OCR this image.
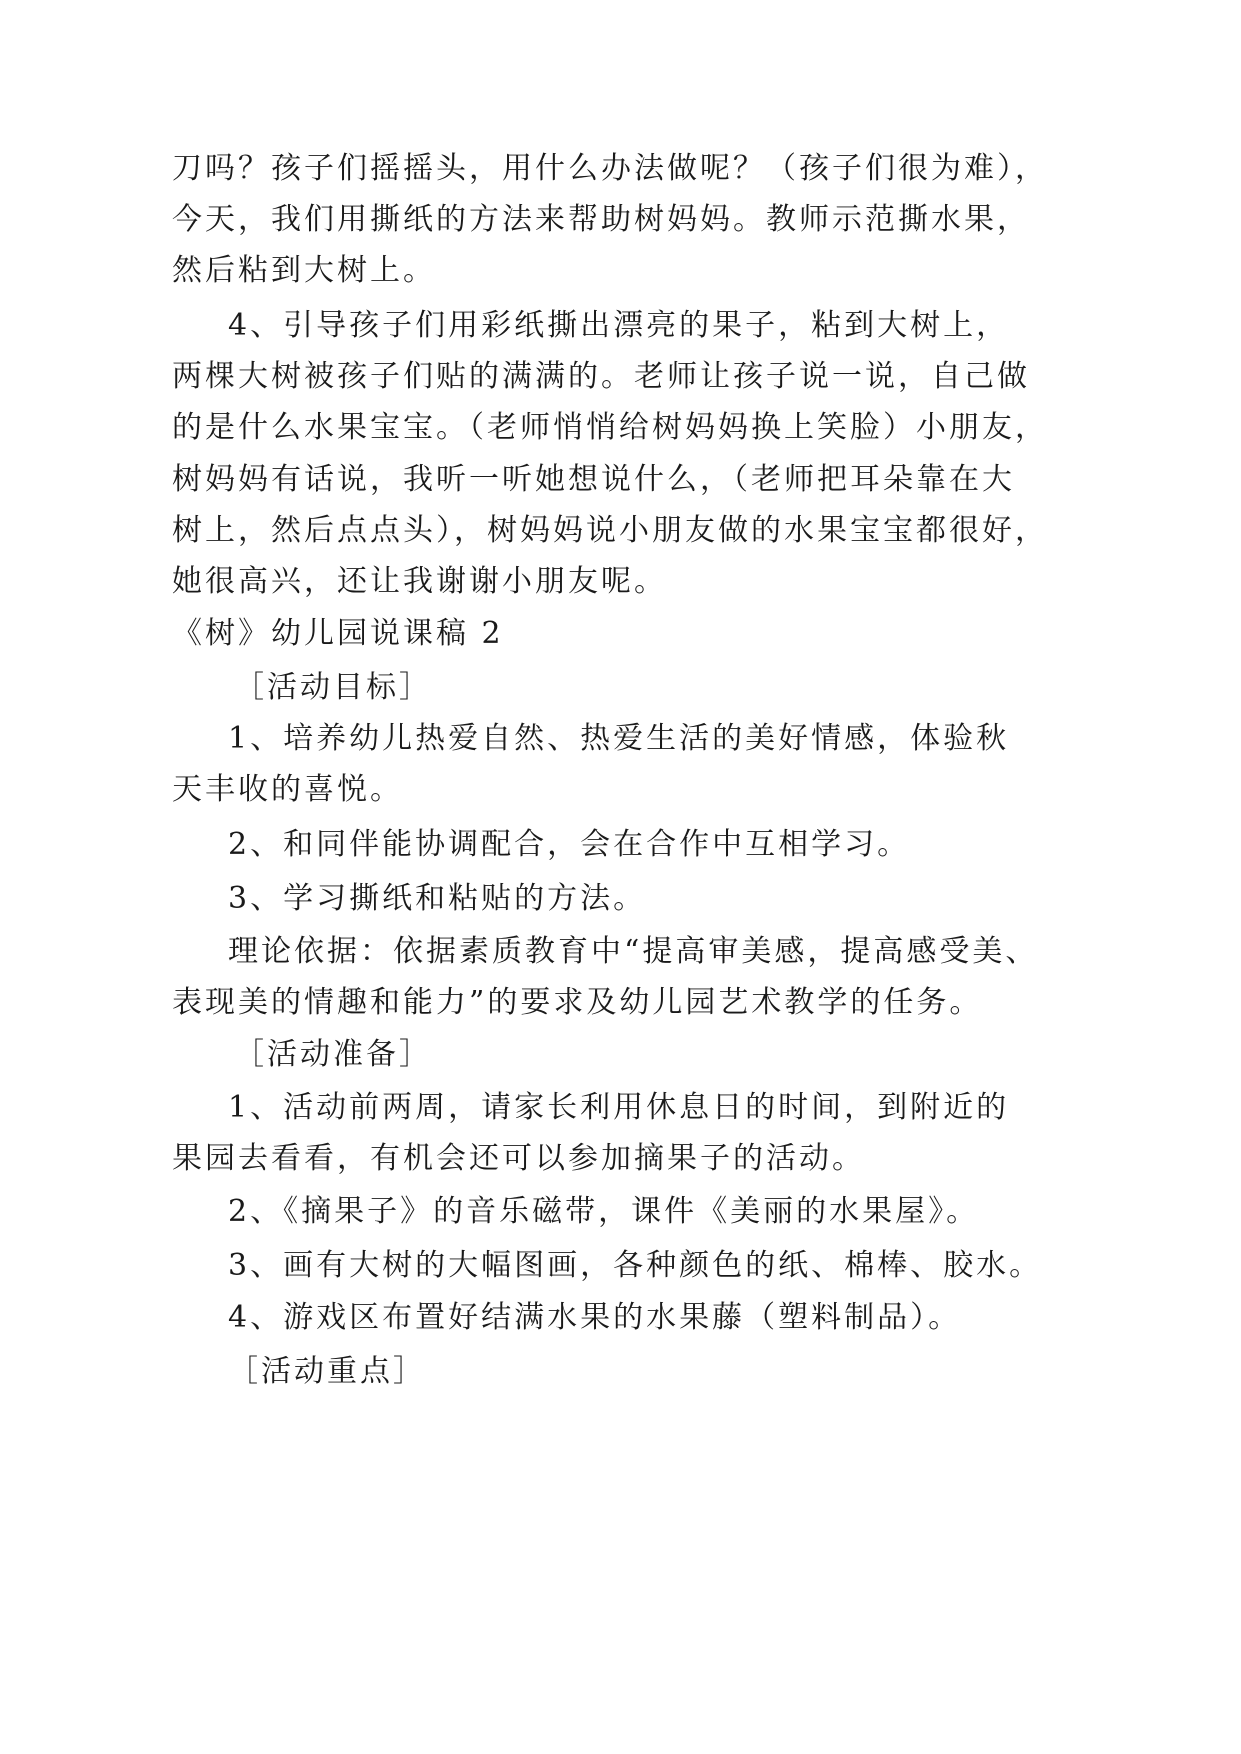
刀吗？孩子们摇摇头，用什么办法做呢？（孩子们很为难），
今天，我们用撕纸的方法来帮助树妈妈。教师示范撕水果，
然后粘到大树上。
4、引导孩子们用彩纸撕出漂亮的果子，粘到大树上，
两棵大树被孩子们贴的满满的。老师让孩子说一说，自己做
的是什么水果宝宝。（老师悄悄给树妈妈换上笑脸）小朋友，
树妈妈有话说，我听一听她想说什么，（老师把耳朵靠在大
树上，然后点点头），树妈妈说小朋友做的水果宝宝都很好，
她很高兴，还让我谢谢小朋友呢。
《树》幼儿园说课稿 2
［活动目标］
1、培养幼儿热爱自然、热爱生活的美好情感，体验秋
天丰收的喜悦。
2、和同伴能协调配合，会在合作中互相学习。
3、学习撕纸和粘贴的方法。
理论依据：依据素质教育中“提高审美感，提高感受美、
表现美的情趣和能力”的要求及幼儿园艺术教学的任务。
［活动准备］
1、活动前两周，请家长利用休息日的时间，到附近的
果园去看看，有机会还可以参加摘果子的活动。
2、《摘果子》的音乐磁带，课件《美丽的水果屋》。
3、画有大树的大幅图画，各种颜色的纸、棉棒、胶水。
4、游戏区布置好结满水果的水果藤（塑料制品）。
［活动重点］
